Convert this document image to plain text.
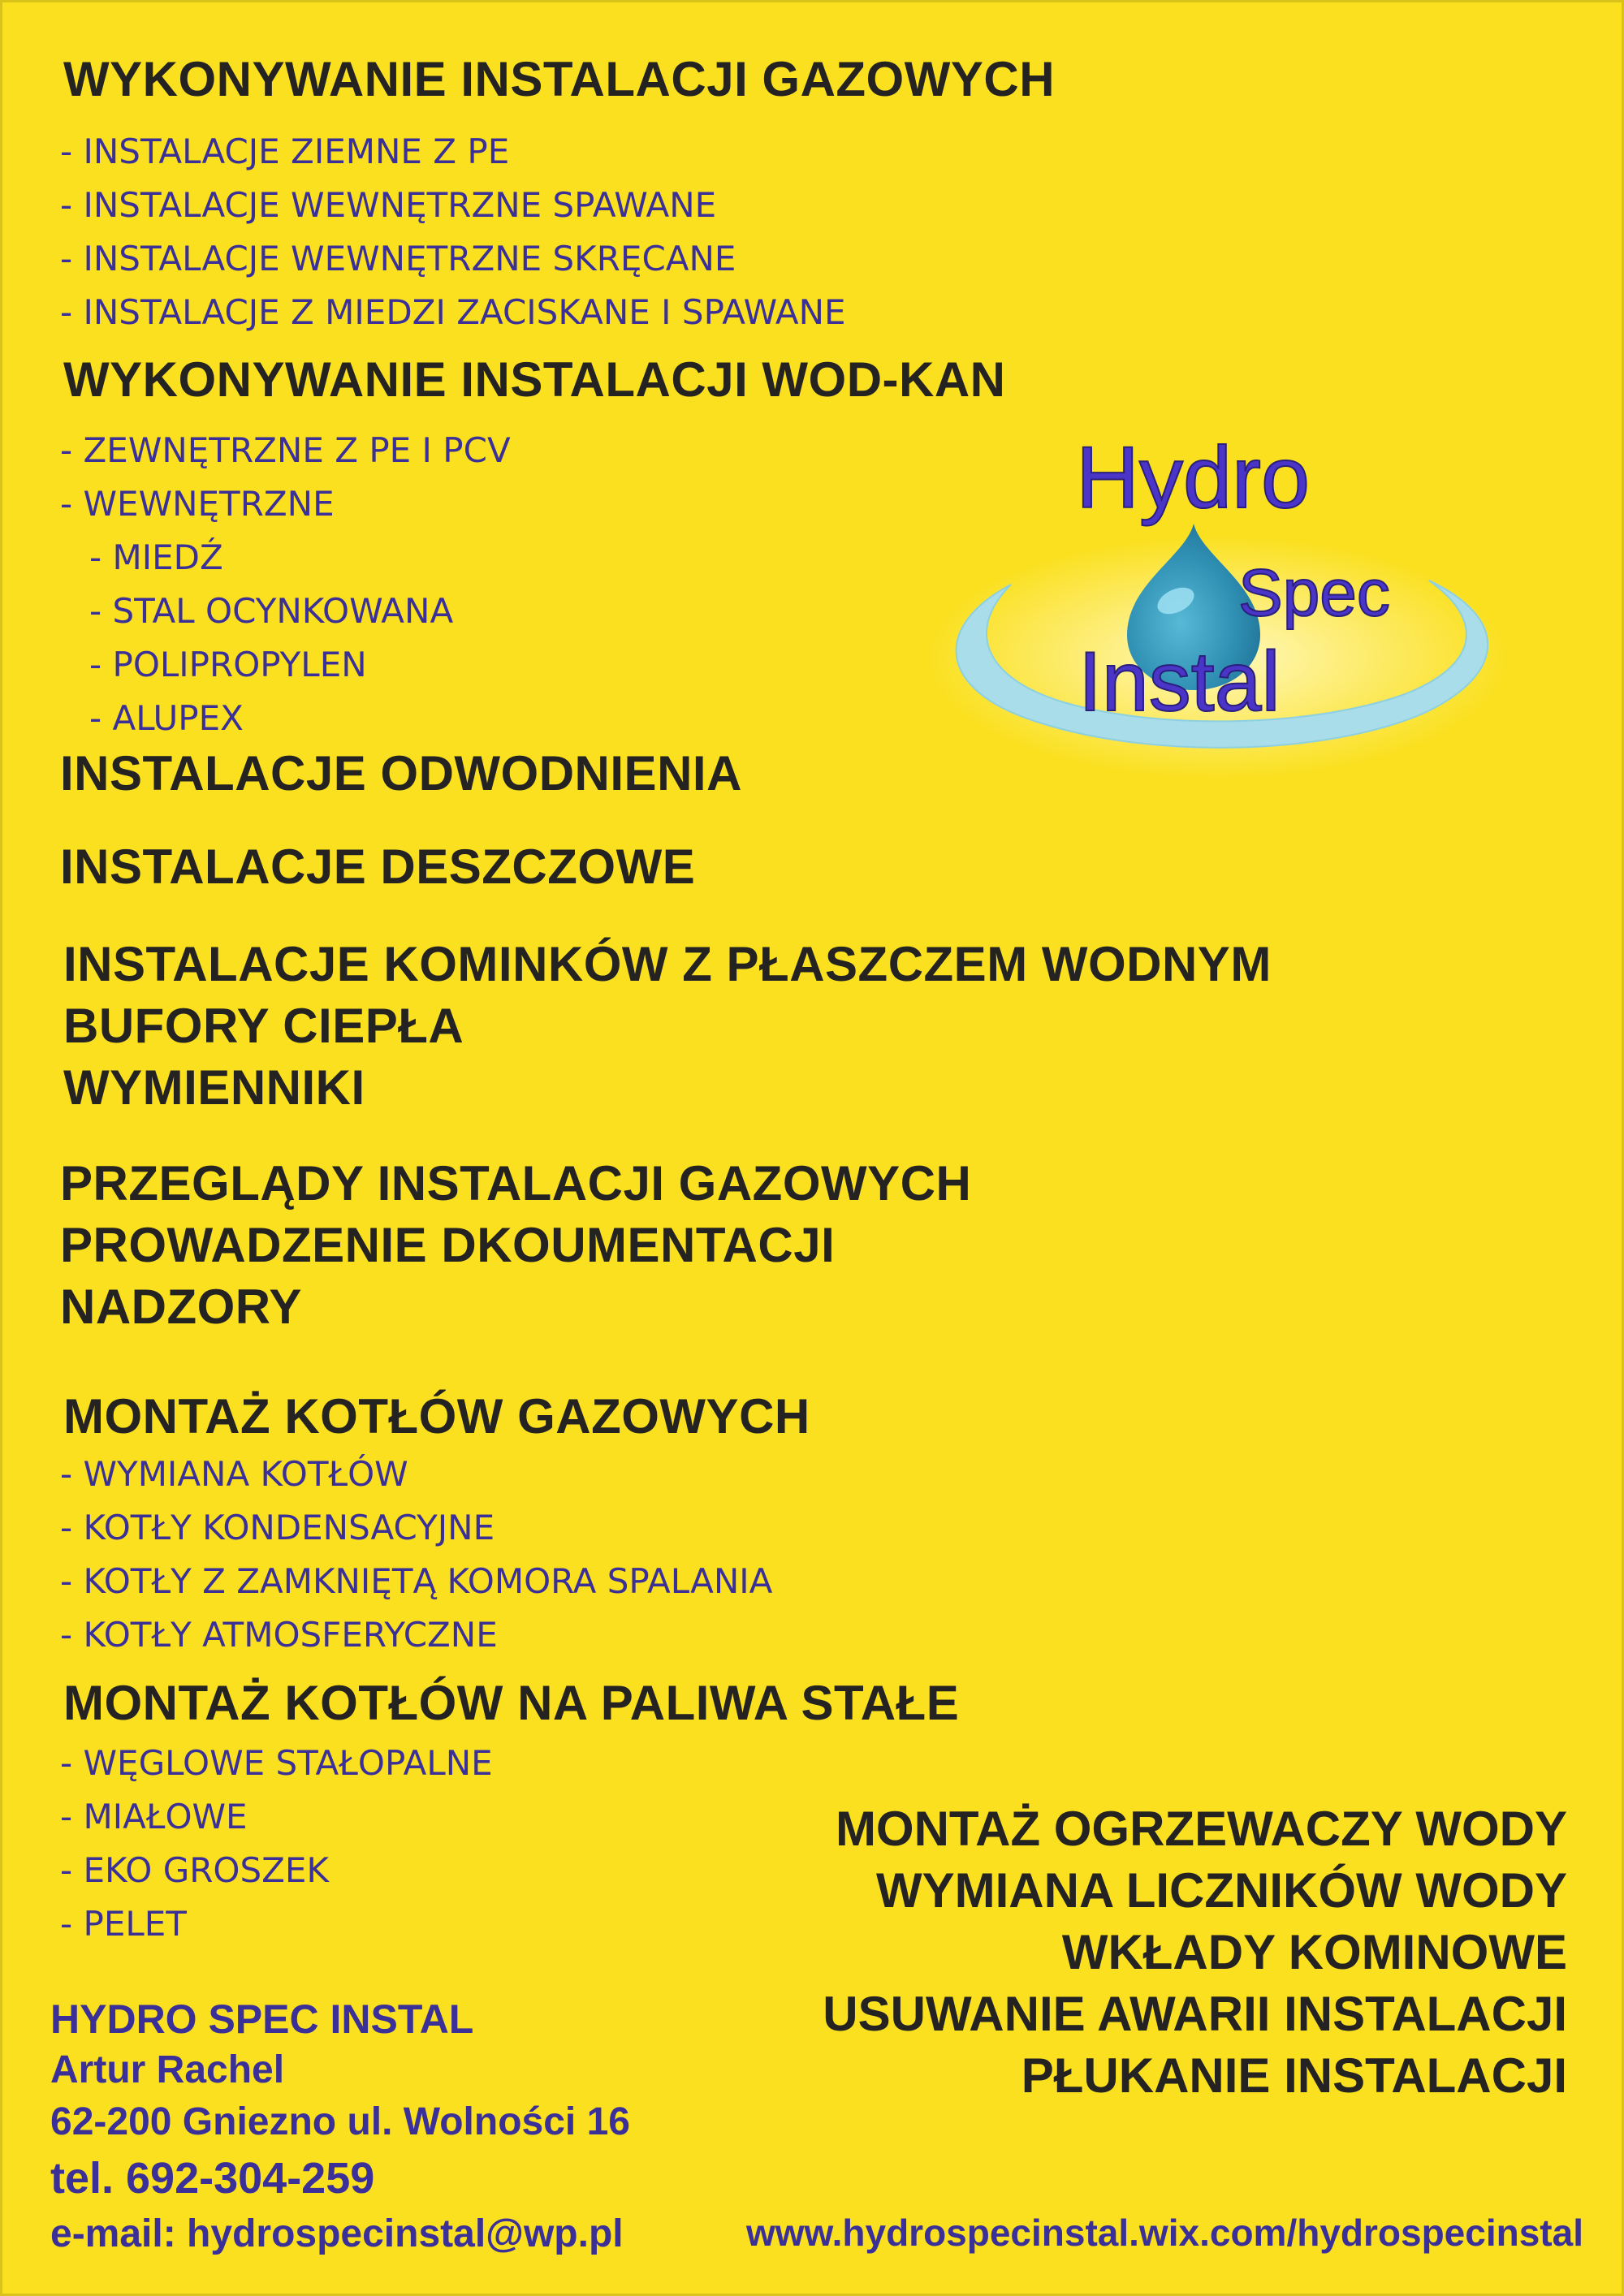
WYKONYWANIE INSTALACJI GAZOWYCH
- INSTALACJE ZIEMNE Z PE
- INSTALACJE WEWNĘTRZNE SPAWANE
- INSTALACJE WEWNĘTRZNE SKRĘCANE
- INSTALACJE Z MIEDZI ZACISKANE I SPAWANE
WYKONYWANIE INSTALACJI WOD-KAN
- ZEWNĘTRZNE Z PE I PCV
- WEWNĘTRZNE
- MIEDŹ
- STAL OCYNKOWANA
- POLIPROPYLEN
- ALUPEX
Hydro
Spec
Instal
INSTALACJE ODWODNIENIA
INSTALACJE DESZCZOWE
INSTALACJE KOMINKÓW Z PŁASZCZEM WODNYM
BUFORY CIEPŁA
WYMIENNIKI
PRZEGLĄDY INSTALACJI GAZOWYCH
PROWADZENIE DKOUMENTACJI
NADZORY
MONTAŻ KOTŁÓW GAZOWYCH
- WYMIANA KOTŁÓW
- KOTŁY KONDENSACYJNE
- KOTŁY Z ZAMKNIĘTĄ KOMORA SPALANIA
- KOTŁY ATMOSFERYCZNE
MONTAŻ KOTŁÓW NA PALIWA STAŁE
- WĘGLOWE STAŁOPALNE
- MIAŁOWE
- EKO GROSZEK
- PELET
MONTAŻ OGRZEWACZY WODY
WYMIANA LICZNIKÓW WODY
WKŁADY KOMINOWE
USUWANIE AWARII INSTALACJI
PŁUKANIE INSTALACJI
HYDRO SPEC INSTAL
Artur Rachel
62-200 Gniezno ul. Wolności 16
tel. 692-304-259
e-mail: hydrospecinstal@wp.pl	www.hydrospecinstal.wix.com/hydrospecinstal
